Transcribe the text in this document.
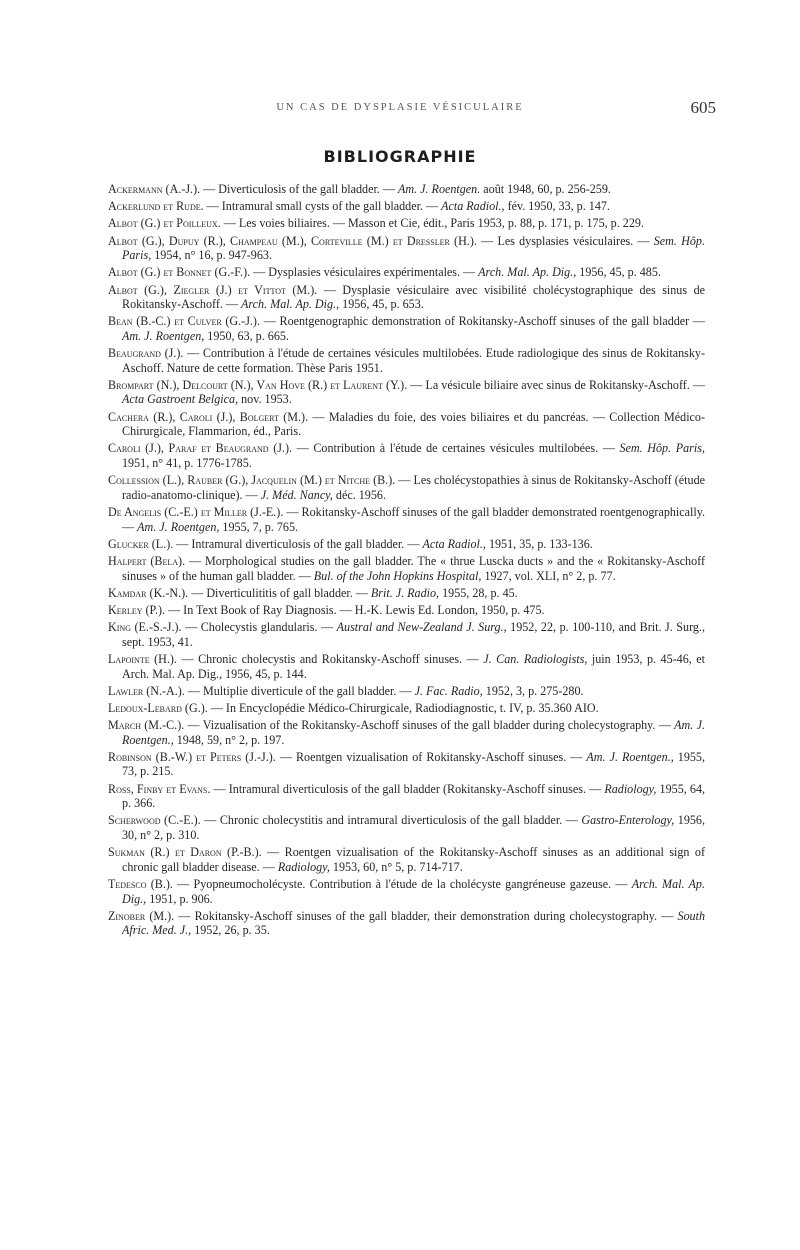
UN CAS DE DYSPLASIE VÉSICULAIRE	605
BIBLIOGRAPHIE
Ackermann (A.-J.). — Diverticulosis of the gall bladder. — Am. J. Roentgen. août 1948, 60, p. 256-259.
Ackerlund et Rude. — Intramural small cysts of the gall bladder. — Acta Radiol., fév. 1950, 33, p. 147.
Albot (G.) et Poilleux. — Les voies biliaires. — Masson et Cie, édit., Paris 1953, p. 88, p. 171, p. 175, p. 229.
Albot (G.), Dupuy (R.), Champeau (M.), Corteville (M.) et Dressler (H.). — Les dysplasies vésiculaires. — Sem. Hôp. Paris, 1954, n° 16, p. 947-963.
Albot (G.) et Bonnet (G.-F.). — Dysplasies vésiculaires expérimentales. — Arch. Mal. Ap. Dig., 1956, 45, p. 485.
Albot (G.), Ziegler (J.) et Vittot (M.). — Dysplasie vésiculaire avec visibilité cholécystographique des sinus de Rokitansky-Aschoff. — Arch. Mal. Ap. Dig., 1956, 45, p. 653.
Bean (B.-C.) et Culver (G.-J.). — Roentgenographic demonstration of Rokitansky-Aschoff sinuses of the gall bladder — Am. J. Roentgen, 1950, 63, p. 665.
Beaugrand (J.). — Contribution à l'étude de certaines vésicules multilobées. Etude radiologique des sinus de Rokitansky-Aschoff. Nature de cette formation. Thèse Paris 1951.
Brompart (N.), Delcourt (N.), Van Hove (R.) et Laurent (Y.). — La vésicule biliaire avec sinus de Rokitansky-Aschoff. — Acta Gastroent Belgica, nov. 1953.
Cachera (R.), Caroli (J.), Bolgert (M.). — Maladies du foie, des voies biliaires et du pancréas. — Collection Médico-Chirurgicale, Flammarion, éd., Paris.
Caroli (J.), Paraf et Beaugrand (J.). — Contribution à l'étude de certaines vésicules multilobées. — Sem. Hôp. Paris, 1951, n° 41, p. 1776-1785.
Collession (L.), Rauber (G.), Jacquelin (M.) et Nitche (B.). — Les cholécystopathies à sinus de Rokitansky-Aschoff (étude radio-anatomo-clinique). — J. Méd. Nancy, déc. 1956.
De Angelis (C.-E.) et Miller (J.-E.). — Rokitansky-Aschoff sinuses of the gall bladder demonstrated roentgenographically. — Am. J. Roentgen, 1955, 7, p. 765.
Glucker (L.). — Intramural diverticulosis of the gall bladder. — Acta Radiol., 1951, 35, p. 133-136.
Halpert (Bela). — Morphological studies on the gall bladder. The « thrue Luscka ducts » and the « Rokitansky-Aschoff sinuses » of the human gall bladder. — Bul. of the John Hopkins Hospital, 1927, vol. XLI, n° 2, p. 77.
Kamdar (K.-N.). — Diverticulititis of gall bladder. — Brit. J. Radio, 1955, 28, p. 45.
Kerley (P.). — In Text Book of Ray Diagnosis. — H.-K. Lewis Ed. London, 1950, p. 475.
King (E.-S.-J.). — Cholecystis glandularis. — Austral and New-Zealand J. Surg., 1952, 22, p. 100-110, and Brit. J. Surg., sept. 1953, 41.
Lapointe (H.). — Chronic cholecystis and Rokitansky-Aschoff sinuses. — J. Can. Radiologists, juin 1953, p. 45-46, et Arch. Mal. Ap. Dig., 1956, 45, p. 144.
Lawler (N.-A.). — Multiplie diverticule of the gall bladder. — J. Fac. Radio, 1952, 3, p. 275-280.
Ledoux-Lebard (G.). — In Encyclopédie Médico-Chirurgicale, Radiodiagnostic, t. IV, p. 35.360 AIO.
March (M.-C.). — Vizualisation of the Rokitansky-Aschoff sinuses of the gall bladder during cholecystography. — Am. J. Roentgen., 1948, 59, n° 2, p. 197.
Robinson (B.-W.) et Peters (J.-J.). — Roentgen vizualisation of Rokitansky-Aschoff sinuses. — Am. J. Roentgen., 1955, 73, p. 215.
Ross, Finby et Evans. — Intramural diverticulosis of the gall bladder (Rokitansky-Aschoff sinuses. — Radiology, 1955, 64, p. 366.
Scherwood (C.-E.). — Chronic cholecystitis and intramural diverticulosis of the gall bladder. — Gastro-Enterology, 1956, 30, n° 2, p. 310.
Sukman (R.) et Daron (P.-B.). — Roentgen vizualisation of the Rokitansky-Aschoff sinuses as an additional sign of chronic gall bladder disease. — Radiology, 1953, 60, n° 5, p. 714-717.
Tedesco (B.). — Pyopneumocholécyste. Contribution à l'étude de la cholécyste gangréneuse gazeuse. — Arch. Mal. Ap. Dig., 1951, p. 906.
Zinober (M.). — Rokitansky-Aschoff sinuses of the gall bladder, their demonstration during cholecystography. — South Afric. Med. J., 1952, 26, p. 35.
